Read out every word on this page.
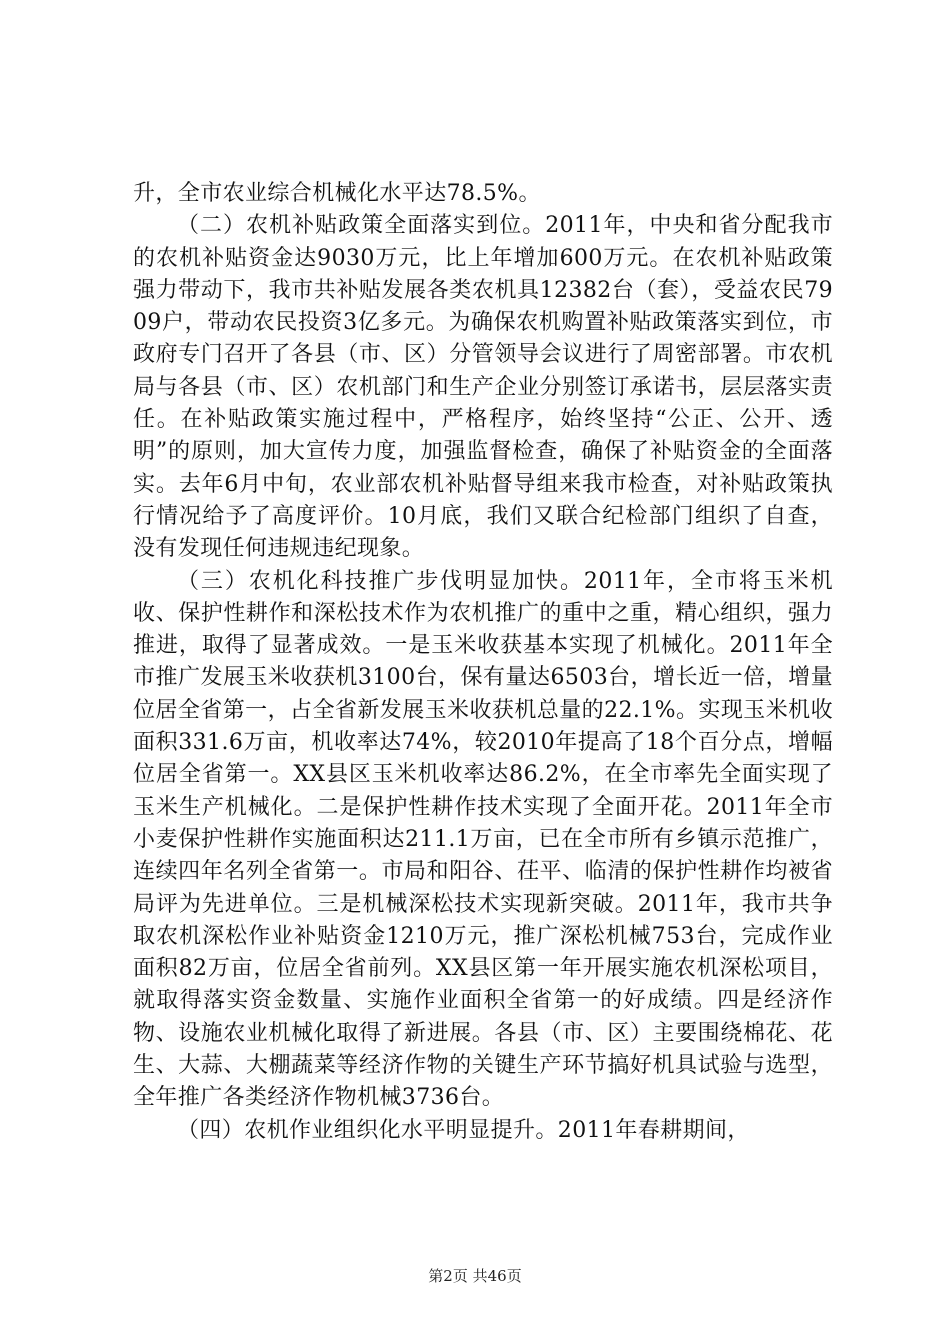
升，全市农业综合机械化水平达78.5%。

（二）农机补贴政策全面落实到位。2011年，中央和省分配我市的农机补贴资金达9030万元，比上年增加600万元。在农机补贴政策强力带动下，我市共补贴发展各类农机具12382台（套），受益农民7909户，带动农民投资3亿多元。为确保农机购置补贴政策落实到位，市政府专门召开了各县（市、区）分管领导会议进行了周密部署。市农机局与各县（市、区）农机部门和生产企业分别签订承诺书，层层落实责任。在补贴政策实施过程中，严格程序，始终坚持“公正、公开、透明”的原则，加大宣传力度，加强监督检查，确保了补贴资金的全面落实。去年6月中旬，农业部农机补贴督导组来我市检查，对补贴政策执行情况给予了高度评价。10月底，我们又联合纪检部门组织了自查，没有发现任何违规违纪现象。

（三）农机化科技推广步伐明显加快。2011年，全市将玉米机收、保护性耕作和深松技术作为农机推广的重中之重，精心组织，强力推进，取得了显著成效。一是玉米收获基本实现了机械化。2011年全市推广发展玉米收获机3100台，保有量达6503台，增长近一倍，增量位居全省第一，占全省新发展玉米收获机总量的22.1%。实现玉米机收面积331.6万亩，机收率达74%，较2010年提高了18个百分点，增幅位居全省第一。XX县区玉米机收率达86.2%，在全市率先全面实现了玉米生产机械化。二是保护性耕作技术实现了全面开花。2011年全市小麦保护性耕作实施面积达211.1万亩，已在全市所有乡镇示范推广，连续四年名列全省第一。市局和阳谷、茌平、临清的保护性耕作均被省局评为先进单位。三是机械深松技术实现新突破。2011年，我市共争取农机深松作业补贴资金1210万元，推广深松机械753台，完成作业面积82万亩，位居全省前列。XX县区第一年开展实施农机深松项目，就取得落实资金数量、实施作业面积全省第一的好成绩。四是经济作物、设施农业机械化取得了新进展。各县（市、区）主要围绕棉花、花生、大蒜、大棚蔬菜等经济作物的关键生产环节搞好机具试验与选型，全年推广各类经济作物机械3736台。

（四）农机作业组织化水平明显提升。2011年春耕期间，

第2页 共46页
